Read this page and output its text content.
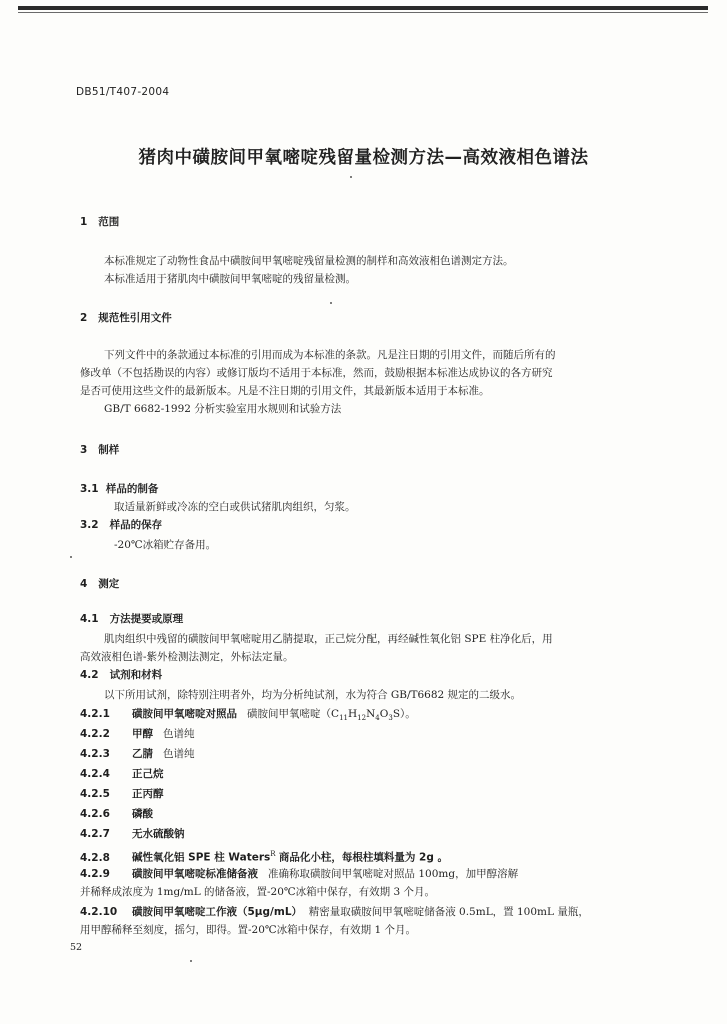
DB51/T407-2004
猪肉中磺胺间甲氧嘧啶残留量检测方法—高效液相色谱法
1 范围
本标准规定了动物性食品中磺胺间甲氧嘧啶残留量检测的制样和高效液相色谱测定方法。
本标准适用于猪肌肉中磺胺间甲氧嘧啶的残留量检测。
2 规范性引用文件
下列文件中的条款通过本标准的引用而成为本标准的条款。凡是注日期的引用文件，而随后所有的
修改单（不包括勘误的内容）或修订版均不适用于本标准，然而，鼓励根据本标准达成协议的各方研究
是否可使用这些文件的最新版本。凡是不注日期的引用文件，其最新版本适用于本标准。
GB/T 6682-1992 分析实验室用水规则和试验方法
3 制样
3.1 样品的制备
取适量新鲜或冷冻的空白或供试猪肌肉组织，匀浆。
3.2 样品的保存
-20℃冰箱贮存备用。
4 测定
4.1 方法提要或原理
肌肉组织中残留的磺胺间甲氧嘧啶用乙腈提取，正己烷分配，再经碱性氧化铝 SPE 柱净化后，用
高效液相色谱-紫外检测法测定，外标法定量。
4.2 试剂和材料
以下所用试剂，除特别注明者外，均为分析纯试剂，水为符合 GB/T6682 规定的二级水。
4.2.1 磺胺间甲氧嘧啶对照品 磺胺间甲氧嘧啶$(C_{11}H_{12}N_4O_3S)$。
4.2.2 甲醇 色谱纯
4.2.3 乙腈 色谱纯
4.2.4 正己烷
4.2.5 正丙醇
4.2.6 磷酸
4.2.7 无水硫酸钠
4.2.8 碱性氧化铝 SPE 柱 Waters$^R$ 商品化小柱，每根柱填料量为 2g 。
4.2.9 磺胺间甲氧嘧啶标准储备液 准确称取磺胺间甲氧嘧啶对照品 100mg，加甲醇溶解
并稀释成浓度为 1mg/mL 的储备液，置-20℃冰箱中保存，有效期 3 个月。
4.2.10 磺胺间甲氧嘧啶工作液（5μg/mL） 精密量取磺胺间甲氧嘧啶储备液 0.5mL，置 100mL 量瓶，
用甲醇稀释至刻度，摇匀，即得。置-20℃冰箱中保存，有效期 1 个月。
52
